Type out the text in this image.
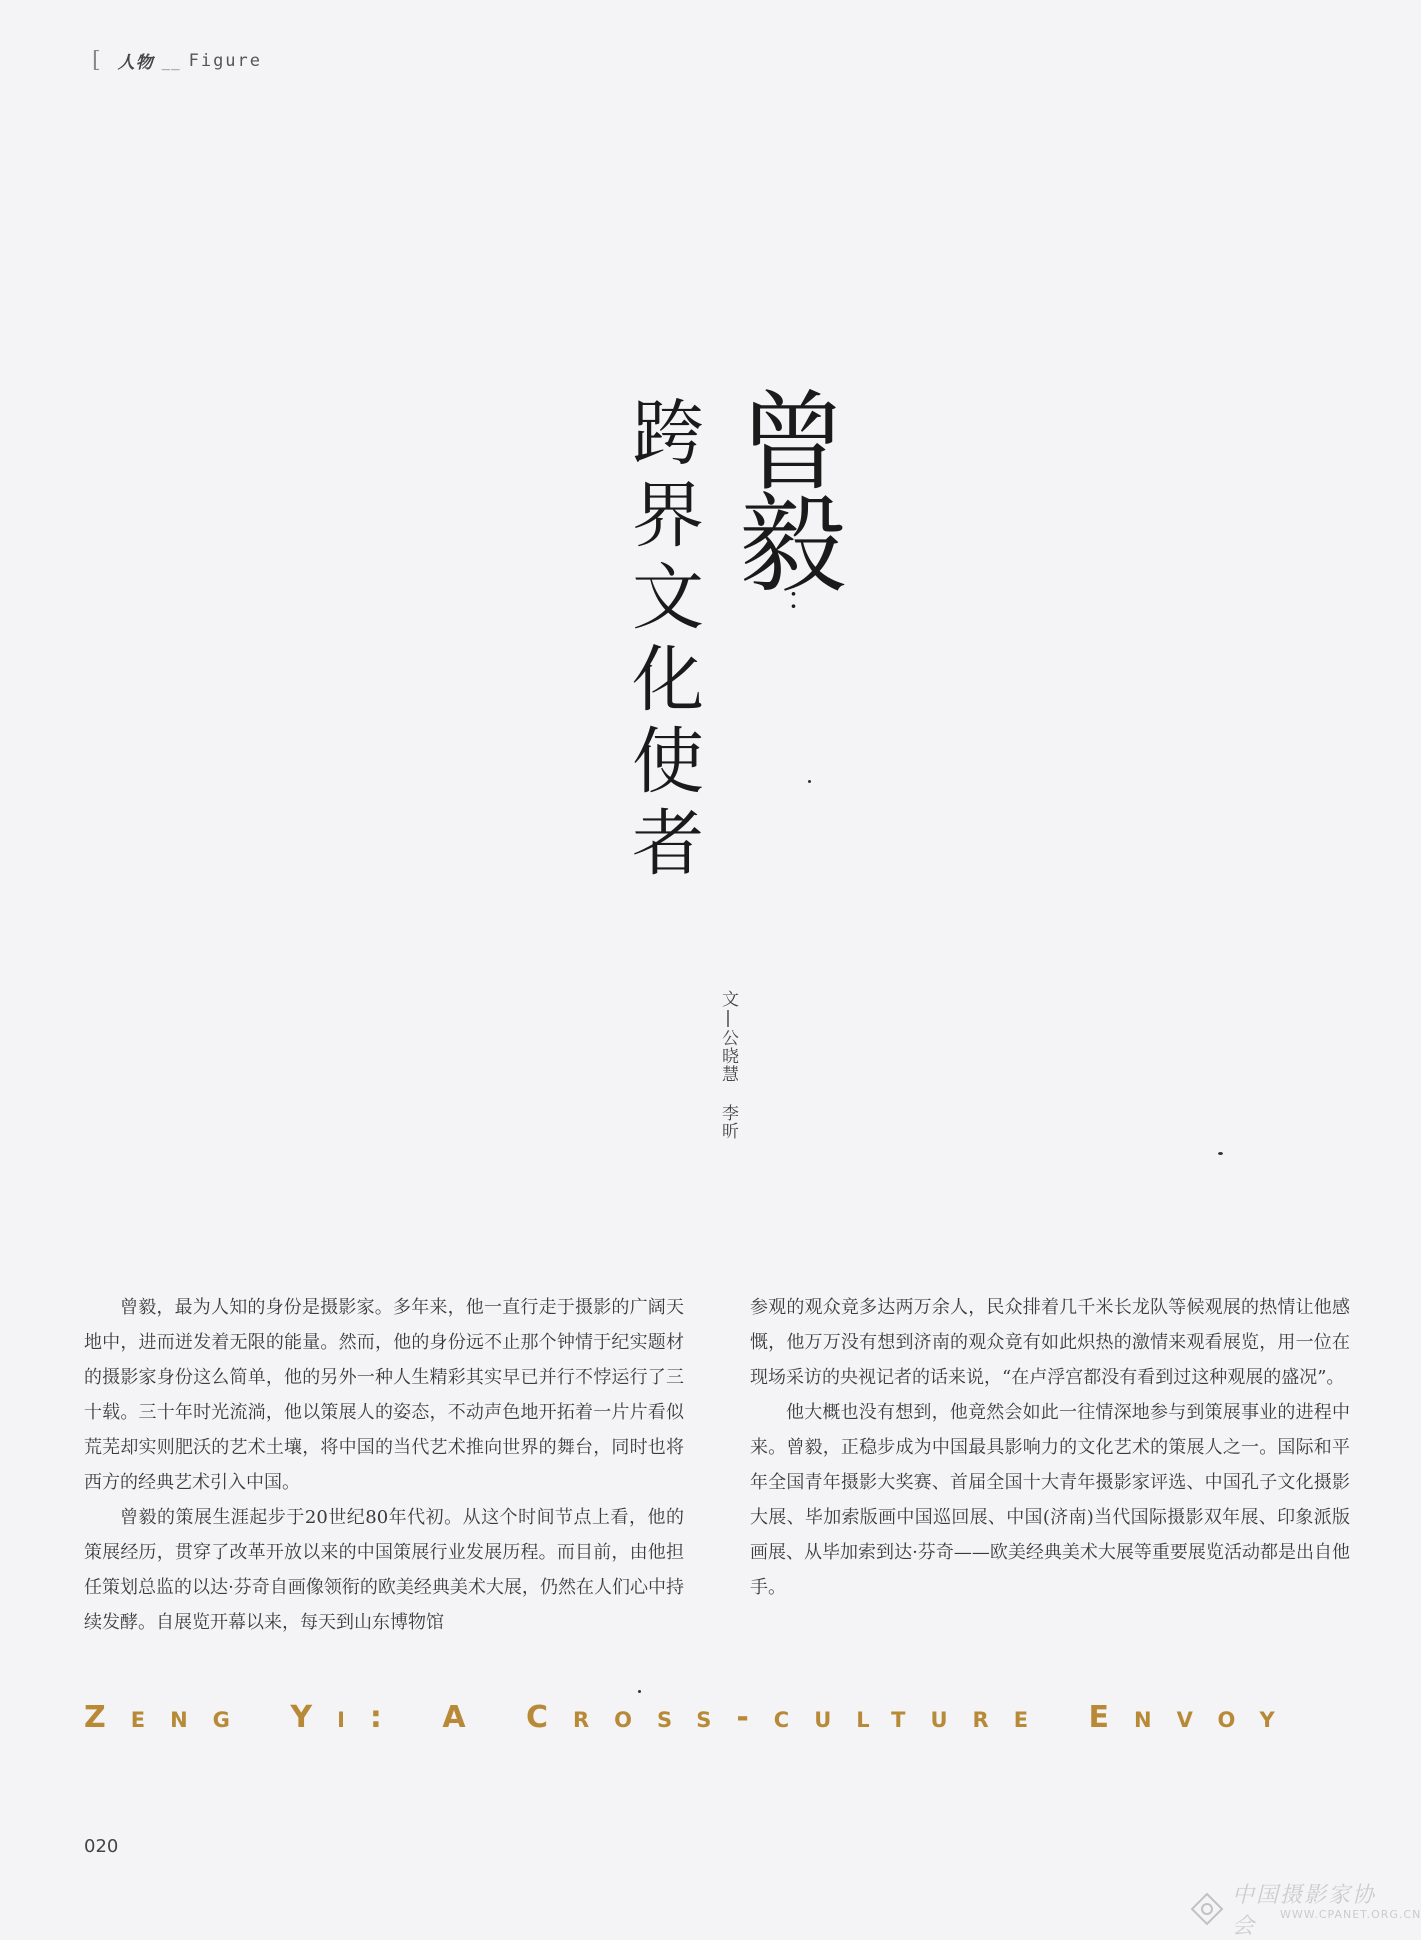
[ 人物 __ Figure
曾毅：
跨界文化使者
文|公晓慧 李昕

曾毅，最为人知的身份是摄影家。多年来，他一直行走于摄影的广阔天地中，进而迸发着无限的能量。然而，他的身份远不止那个钟情于纪实题材的摄影家身份这么简单，他的另外一种人生精彩其实早已并行不悖运行了三十载。三十年时光流淌，他以策展人的姿态，不动声色地开拓着一片片看似荒芜却实则肥沃的艺术土壤，将中国的当代艺术推向世界的舞台，同时也将西方的经典艺术引入中国。

曾毅的策展生涯起步于20世纪80年代初。从这个时间节点上看，他的策展经历，贯穿了改革开放以来的中国策展行业发展历程。而目前，由他担任策划总监的以达·芬奇自画像领衔的欧美经典美术大展，仍然在人们心中持续发酵。自展览开幕以来，每天到山东博物馆

参观的观众竟多达两万余人，民众排着几千米长龙队等候观展的热情让他感慨，他万万没有想到济南的观众竟有如此炽热的激情来观看展览，用一位在现场采访的央视记者的话来说，“在卢浮宫都没有看到过这种观展的盛况”。

他大概也没有想到，他竟然会如此一往情深地参与到策展事业的进程中来。曾毅，正稳步成为中国最具影响力的文化艺术的策展人之一。国际和平年全国青年摄影大奖赛、首届全国十大青年摄影家评选、中国孔子文化摄影大展、毕加索版画中国巡回展、中国(济南)当代国际摄影双年展、印象派版画展、从毕加索到达·芬奇——欧美经典美术大展等重要展览活动都是出自他手。

Zeng Yi: A Cross-culture Envoy
020
中国摄影家协会	WWW.CPANET.ORG.CN
